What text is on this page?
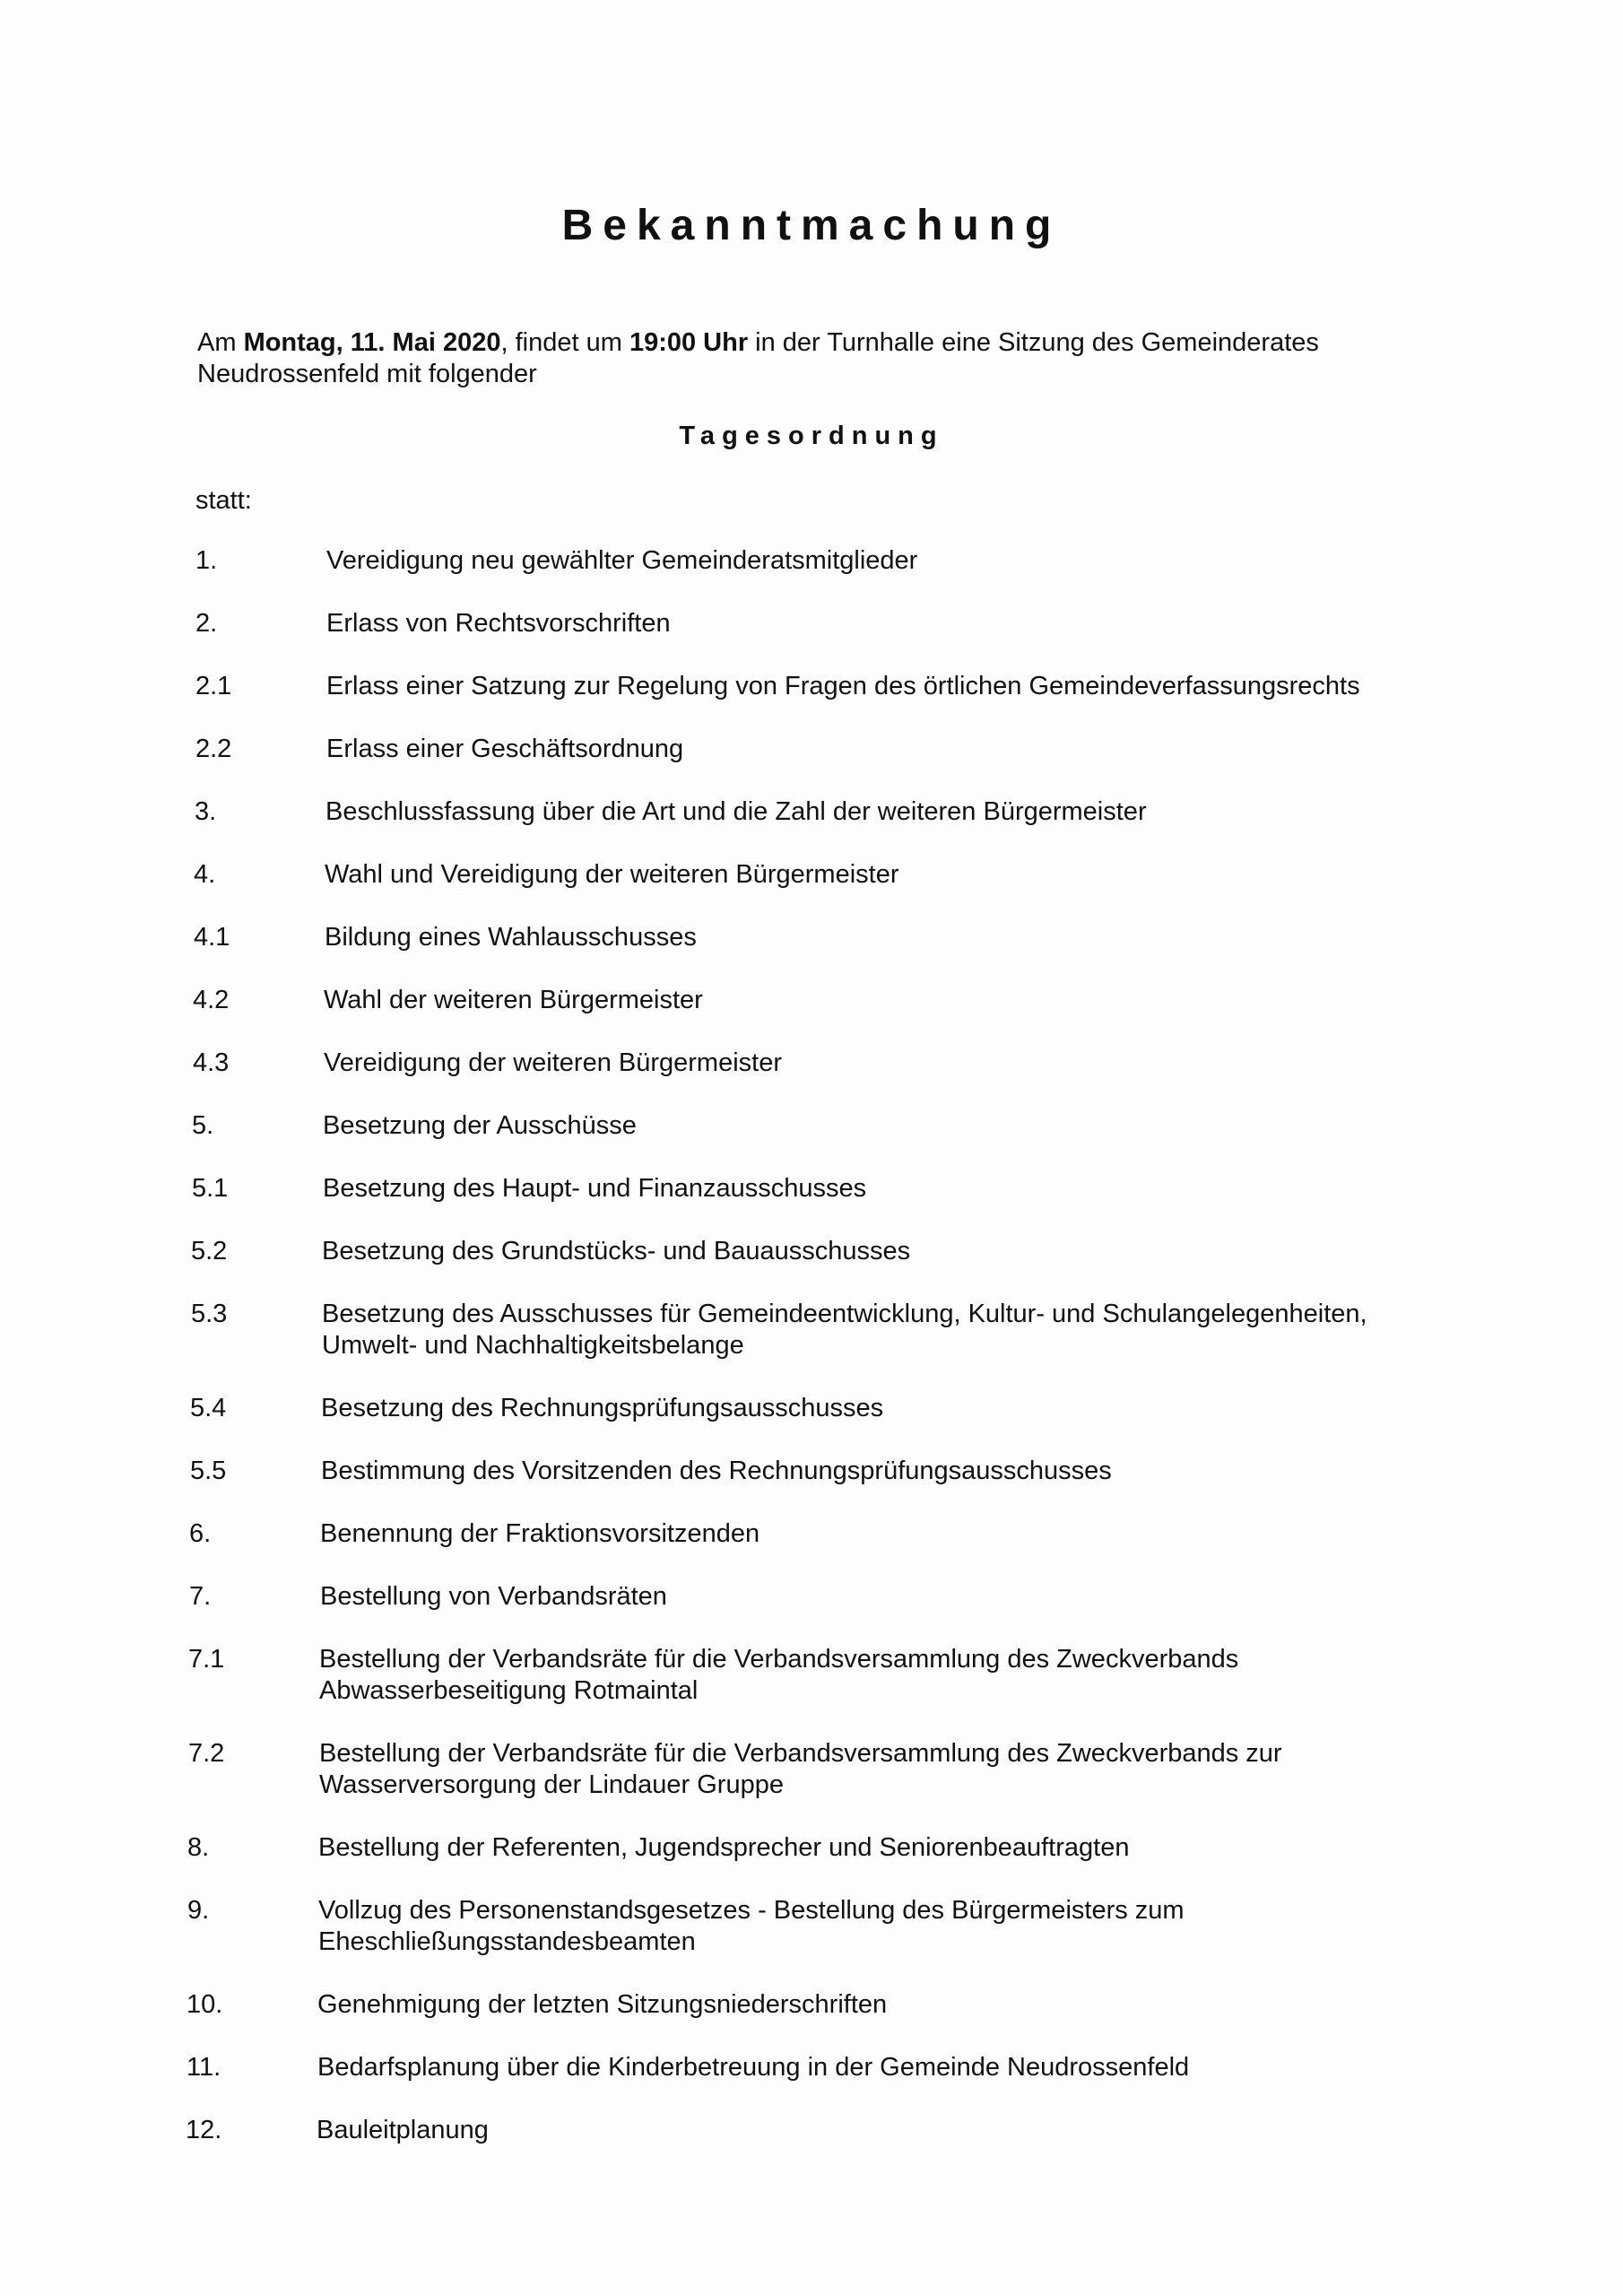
Bekanntmachung
Am Montag, 11. Mai 2020, findet um 19:00 Uhr in der Turnhalle eine Sitzung des Gemeinderates Neudrossenfeld mit folgender
Tagesordnung
statt:
1.	Vereidigung neu gewählter Gemeinderatsmitglieder
2.	Erlass von Rechtsvorschriften
2.1	Erlass einer Satzung zur Regelung von Fragen des örtlichen Gemeindeverfassungsrechts
2.2	Erlass einer Geschäftsordnung
3.	Beschlussfassung über die Art und die Zahl der weiteren Bürgermeister
4.	Wahl und Vereidigung der weiteren Bürgermeister
4.1	Bildung eines Wahlausschusses
4.2	Wahl der weiteren Bürgermeister
4.3	Vereidigung der weiteren Bürgermeister
5.	Besetzung der Ausschüsse
5.1	Besetzung des Haupt- und Finanzausschusses
5.2	Besetzung des Grundstücks- und Bauausschusses
5.3	Besetzung des Ausschusses für Gemeindeentwicklung, Kultur- und Schulangelegenheiten, Umwelt- und Nachhaltigkeitsbelange
5.4	Besetzung des Rechnungsprüfungsausschusses
5.5	Bestimmung des Vorsitzenden des Rechnungsprüfungsausschusses
6.	Benennung der Fraktionsvorsitzenden
7.	Bestellung von Verbandsräten
7.1	Bestellung der Verbandsräte für die Verbandsversammlung des Zweckverbands Abwasserbeseitigung Rotmaintal
7.2	Bestellung der Verbandsräte für die Verbandsversammlung des Zweckverbands zur Wasserversorgung der Lindauer Gruppe
8.	Bestellung der Referenten, Jugendsprecher und Seniorenbeauftragten
9.	Vollzug des Personenstandsgesetzes - Bestellung des Bürgermeisters zum Eheschließungsstandesbeamten
10.	Genehmigung der letzten Sitzungsniederschriften
11.	Bedarfsplanung über die Kinderbetreuung in der Gemeinde Neudrossenfeld
12.	Bauleitplanung
